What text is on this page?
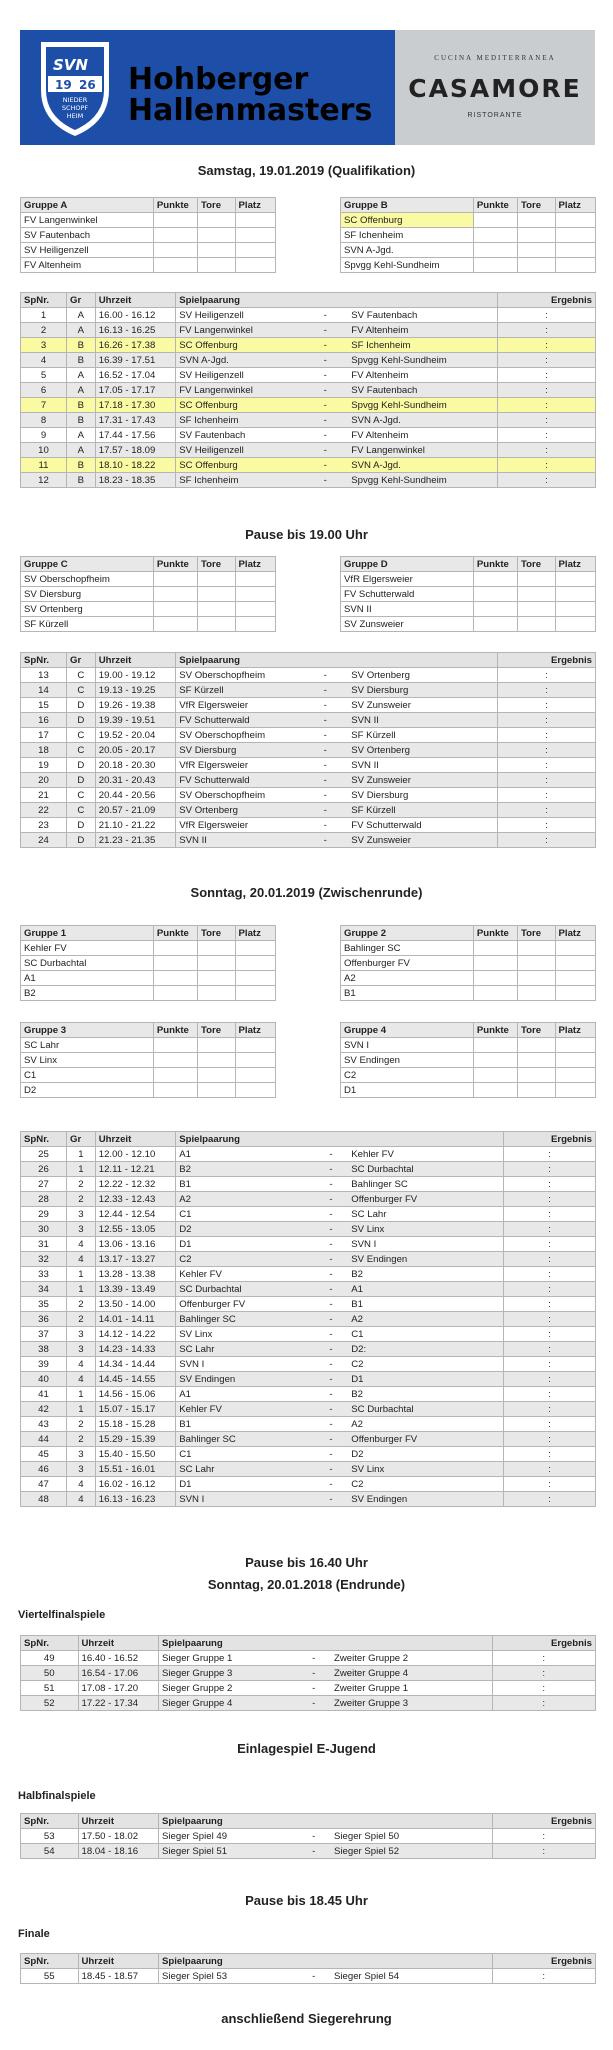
SVN
19 26
NIEDER
SCHOPF
HEIM
Hohberger
Hallenmasters
CUCINA MEDITERRANEA
CASAMORE
RISTORANTE
Samstag, 19.01.2019 (Qualifikation)
Gruppe A	Punkte	Tore	Platz
FV Langenwinkel			
SV Fautenbach			
SV Heiligenzell			
FV Altenheim			
Gruppe B	Punkte	Tore	Platz
SC Offenburg			
SF Ichenheim			
SVN A-Jgd.			
Spvgg Kehl-Sundheim			
SpNr.	Gr	Uhrzeit	Spielpaarung			Ergebnis
1	A	16.00 - 16.12	SV Heiligenzell	-	SV Fautenbach	:
2	A	16.13 - 16.25	FV Langenwinkel	-	FV Altenheim	:
3	B	16.26 - 17.38	SC Offenburg	-	SF Ichenheim	:
4	B	16.39 - 17.51	SVN A-Jgd.	-	Spvgg Kehl-Sundheim	:
5	A	16.52 - 17.04	SV Heiligenzell	-	FV Altenheim	:
6	A	17.05 - 17.17	FV Langenwinkel	-	SV Fautenbach	:
7	B	17.18 - 17.30	SC Offenburg	-	Spvgg Kehl-Sundheim	:
8	B	17.31 - 17.43	SF Ichenheim	-	SVN A-Jgd.	:
9	A	17.44 - 17.56	SV Fautenbach	-	FV Altenheim	:
10	A	17.57 - 18.09	SV Heiligenzell	-	FV Langenwinkel	:
11	B	18.10 - 18.22	SC Offenburg	-	SVN A-Jgd.	:
12	B	18.23 - 18.35	SF Ichenheim	-	Spvgg Kehl-Sundheim	:
Pause bis 19.00 Uhr
Gruppe C	Punkte	Tore	Platz
SV Oberschopfheim			
SV Diersburg			
SV Ortenberg			
SF Kürzell			
Gruppe D	Punkte	Tore	Platz
VfR Elgersweier			
FV Schutterwald			
SVN II			
SV Zunsweier			
SpNr.	Gr	Uhrzeit	Spielpaarung			Ergebnis
13	C	19.00 - 19.12	SV Oberschopfheim	-	SV Ortenberg	:
14	C	19.13 - 19.25	SF Kürzell	-	SV Diersburg	:
15	D	19.26 - 19.38	VfR Elgersweier	-	SV Zunsweier	:
16	D	19.39 - 19.51	FV Schutterwald	-	SVN II	:
17	C	19.52 - 20.04	SV Oberschopfheim	-	SF Kürzell	:
18	C	20.05 - 20.17	SV Diersburg	-	SV Ortenberg	:
19	D	20.18 - 20.30	VfR Elgersweier	-	SVN II	:
20	D	20.31 - 20.43	FV Schutterwald	-	SV Zunsweier	:
21	C	20.44 - 20.56	SV Oberschopfheim	-	SV Diersburg	:
22	C	20.57 - 21.09	SV Ortenberg	-	SF Kürzell	:
23	D	21.10 - 21.22	VfR Elgersweier	-	FV Schutterwald	:
24	D	21.23 - 21.35	SVN II	-	SV Zunsweier	:
Sonntag, 20.01.2019 (Zwischenrunde)
Gruppe 1	Punkte	Tore	Platz
Kehler FV			
SC Durbachtal			
A1			
B2			
Gruppe 2	Punkte	Tore	Platz
Bahlinger SC			
Offenburger FV			
A2			
B1			
Gruppe 3	Punkte	Tore	Platz
SC Lahr			
SV Linx			
C1			
D2			
Gruppe 4	Punkte	Tore	Platz
SVN I			
SV Endingen			
C2			
D1			
SpNr.	Gr	Uhrzeit	Spielpaarung			Ergebnis
25	1	12.00 - 12.10	A1	-	Kehler FV	:
26	1	12.11 - 12.21	B2	-	SC Durbachtal	:
27	2	12.22 - 12.32	B1	-	Bahlinger SC	:
28	2	12.33 - 12.43	A2	-	Offenburger FV	:
29	3	12.44 - 12.54	C1	-	SC Lahr	:
30	3	12.55 - 13.05	D2	-	SV Linx	:
31	4	13.06 - 13.16	D1	-	SVN I	:
32	4	13.17 - 13.27	C2	-	SV Endingen	:
33	1	13.28 - 13.38	Kehler FV	-	B2	:
34	1	13.39 - 13.49	SC Durbachtal	-	A1	:
35	2	13.50 - 14.00	Offenburger FV	-	B1	:
36	2	14.01 - 14.11	Bahlinger SC	-	A2	:
37	3	14.12 - 14.22	SV Linx	-	C1	:
38	3	14.23 - 14.33	SC Lahr	-	D2:	:
39	4	14.34 - 14.44	SVN I	-	C2	:
40	4	14.45 - 14.55	SV Endingen	-	D1	:
41	1	14.56 - 15.06	A1	-	B2	:
42	1	15.07 - 15.17	Kehler FV	-	SC Durbachtal	:
43	2	15.18 - 15.28	B1	-	A2	:
44	2	15.29 - 15.39	Bahlinger SC	-	Offenburger FV	:
45	3	15.40 - 15.50	C1	-	D2	:
46	3	15.51 - 16.01	SC Lahr	-	SV Linx	:
47	4	16.02 - 16.12	D1	-	C2	:
48	4	16.13 - 16.23	SVN I	-	SV Endingen	:
Pause bis 16.40 Uhr
Sonntag, 20.01.2018 (Endrunde)
Viertelfinalspiele
SpNr.	Uhrzeit	Spielpaarung			Ergebnis
49	16.40 - 16.52	Sieger Gruppe 1	-	Zweiter Gruppe 2	:
50	16.54 - 17.06	Sieger Gruppe 3	-	Zweiter Gruppe 4	:
51	17.08 - 17.20	Sieger Gruppe 2	-	Zweiter Gruppe 1	:
52	17.22 - 17.34	Sieger Gruppe 4	-	Zweiter Gruppe 3	:
Einlagespiel E-Jugend
Halbfinalspiele
SpNr.	Uhrzeit	Spielpaarung			Ergebnis
53	17.50 - 18.02	Sieger Spiel 49	-	Sieger Spiel 50	:
54	18.04 - 18.16	Sieger Spiel 51	-	Sieger Spiel 52	:
Pause bis 18.45 Uhr
Finale
SpNr.	Uhrzeit	Spielpaarung			Ergebnis
55	18.45 - 18.57	Sieger Spiel 53	-	Sieger Spiel 54	:
anschließend Siegerehrung
